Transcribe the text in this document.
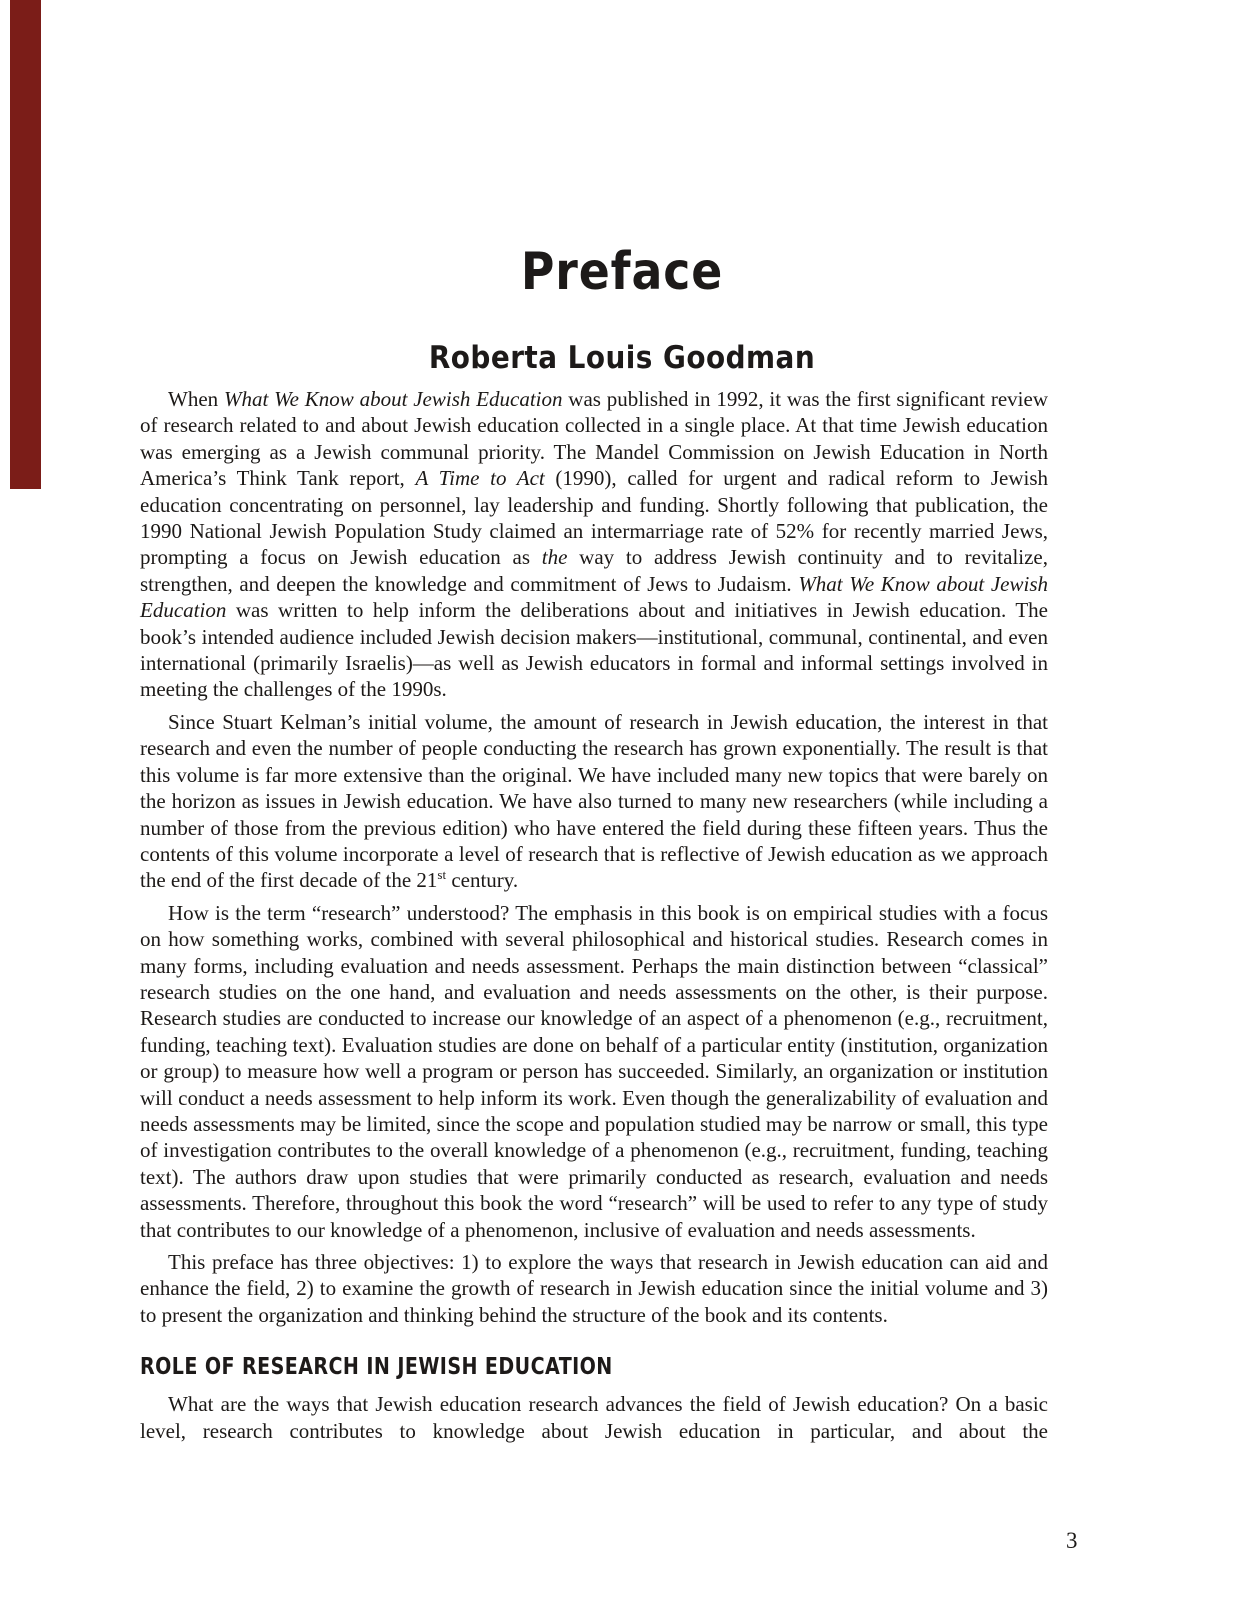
Preface
Roberta Louis Goodman
When What We Know about Jewish Education was published in 1992, it was the first significant review of research related to and about Jewish education collected in a single place. At that time Jewish education was emerging as a Jewish communal priority. The Mandel Commission on Jewish Education in North America’s Think Tank report, A Time to Act (1990), called for urgent and radical reform to Jewish education concentrating on personnel, lay leadership and funding. Shortly following that publication, the 1990 National Jewish Population Study claimed an intermarriage rate of 52% for recently married Jews, prompting a focus on Jewish education as the way to address Jewish continuity and to revitalize, strengthen, and deepen the knowledge and commitment of Jews to Judaism. What We Know about Jewish Education was written to help inform the deliberations about and initiatives in Jewish education. The book’s intended audience included Jewish decision makers—institutional, communal, continental, and even international (primarily Israelis)—as well as Jewish educators in formal and informal settings involved in meeting the challenges of the 1990s.
Since Stuart Kelman’s initial volume, the amount of research in Jewish education, the interest in that research and even the number of people conducting the research has grown exponentially. The result is that this volume is far more extensive than the original. We have included many new topics that were barely on the horizon as issues in Jewish education. We have also turned to many new researchers (while including a number of those from the previous edition) who have entered the field during these fifteen years. Thus the contents of this volume incorporate a level of research that is reflective of Jewish education as we approach the end of the first decade of the 21st century.
How is the term “research” understood? The emphasis in this book is on empirical studies with a focus on how something works, combined with several philosophical and historical studies. Research comes in many forms, including evaluation and needs assessment. Perhaps the main distinction between “classical” research studies on the one hand, and evaluation and needs assessments on the other, is their purpose. Research studies are conducted to increase our knowledge of an aspect of a phenomenon (e.g., recruitment, funding, teaching text). Evaluation studies are done on behalf of a particular entity (institution, organization or group) to measure how well a program or person has succeeded. Similarly, an organization or institution will conduct a needs assessment to help inform its work. Even though the generalizability of evaluation and needs assessments may be limited, since the scope and population studied may be narrow or small, this type of investigation contributes to the overall knowledge of a phenomenon (e.g., recruitment, funding, teaching text). The authors draw upon studies that were primarily conducted as research, evaluation and needs assessments. Therefore, throughout this book the word “research” will be used to refer to any type of study that contributes to our knowledge of a phenomenon, inclusive of evaluation and needs assessments.
This preface has three objectives: 1) to explore the ways that research in Jewish education can aid and enhance the field, 2) to examine the growth of research in Jewish education since the initial volume and 3) to present the organization and thinking behind the structure of the book and its contents.
ROLE OF RESEARCH IN JEWISH EDUCATION
What are the ways that Jewish education research advances the field of Jewish education? On a basic level, research contributes to knowledge about Jewish education in particular, and about the
3
